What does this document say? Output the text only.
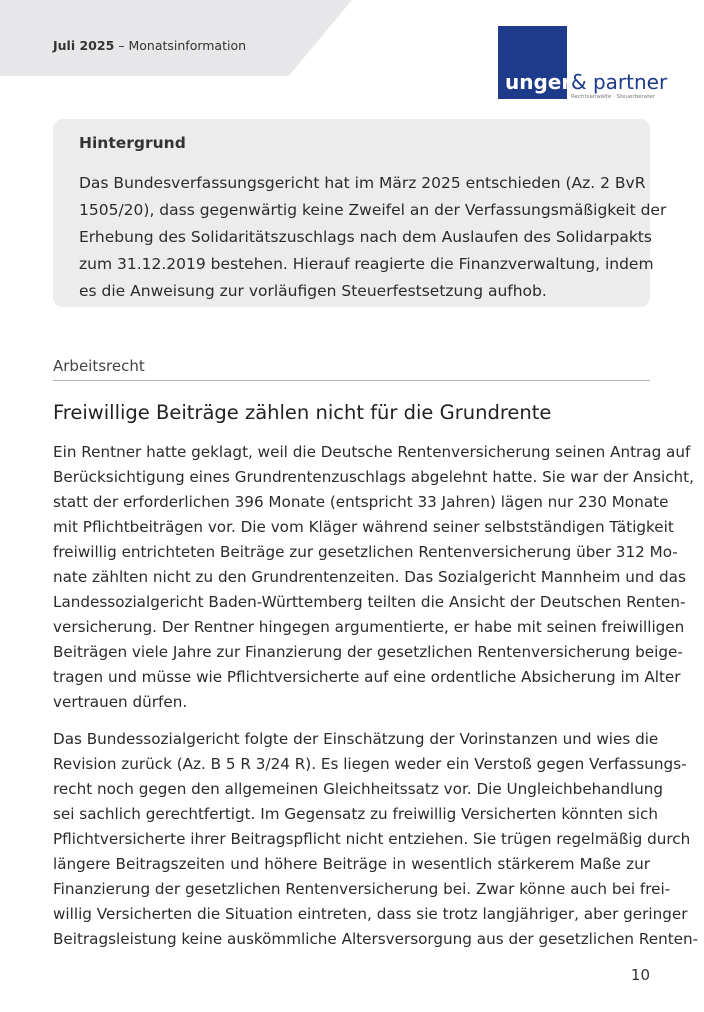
Juli 2025 – Monatsinformation
unger & partner
Rechtsanwälte · Steuerberater
Hintergrund
Das Bundesverfassungsgericht hat im März 2025 entschieden (Az. 2 BvR
1505/20), dass gegenwärtig keine Zweifel an der Verfassungsmäßigkeit der
Erhebung des Solidaritätszuschlags nach dem Auslaufen des Solidarpakts
zum 31.12.2019 bestehen. Hierauf reagierte die Finanzverwaltung, indem
es die Anweisung zur vorläufigen Steuerfestsetzung aufhob.
Arbeitsrecht
Freiwillige Beiträge zählen nicht für die Grundrente
Ein Rentner hatte geklagt, weil die Deutsche Rentenversicherung seinen Antrag auf
Berücksichtigung eines Grundrentenzuschlags abgelehnt hatte. Sie war der Ansicht,
statt der erforderlichen 396 Monate (entspricht 33 Jahren) lägen nur 230 Monate
mit Pflichtbeiträgen vor. Die vom Kläger während seiner selbstständigen Tätigkeit
freiwillig entrichteten Beiträge zur gesetzlichen Rentenversicherung über 312 Mo-
nate zählten nicht zu den Grundrentenzeiten. Das Sozialgericht Mannheim und das
Landessozialgericht Baden-Württemberg teilten die Ansicht der Deutschen Renten-
versicherung. Der Rentner hingegen argumentierte, er habe mit seinen freiwilligen
Beiträgen viele Jahre zur Finanzierung der gesetzlichen Rentenversicherung beige-
tragen und müsse wie Pflichtversicherte auf eine ordentliche Absicherung im Alter
vertrauen dürfen.
Das Bundessozialgericht folgte der Einschätzung der Vorinstanzen und wies die
Revision zurück (Az. B 5 R 3/24 R). Es liegen weder ein Verstoß gegen Verfassungs-
recht noch gegen den allgemeinen Gleichheitssatz vor. Die Ungleichbehandlung
sei sachlich gerechtfertigt. Im Gegensatz zu freiwillig Versicherten könnten sich
Pflichtversicherte ihrer Beitragspflicht nicht entziehen. Sie trügen regelmäßig durch
längere Beitragszeiten und höhere Beiträge in wesentlich stärkerem Maße zur
Finanzierung der gesetzlichen Rentenversicherung bei. Zwar könne auch bei frei-
willig Versicherten die Situation eintreten, dass sie trotz langjähriger, aber geringer
Beitragsleistung keine auskömmliche Altersversorgung aus der gesetzlichen Renten-
10
